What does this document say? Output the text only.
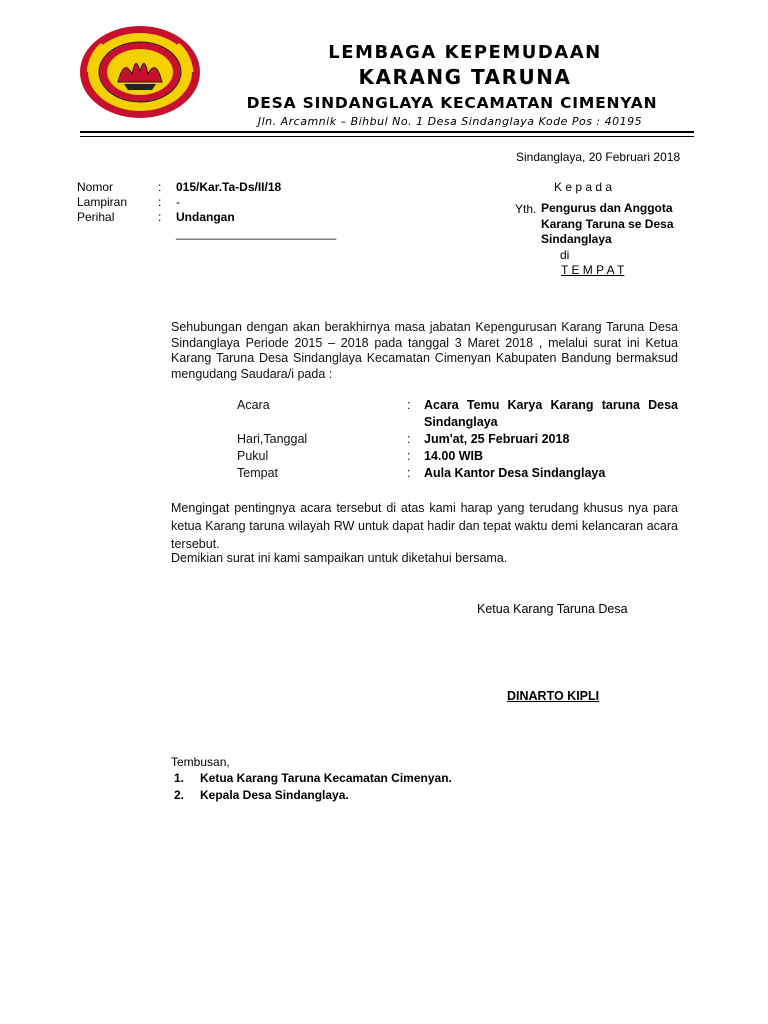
LEMBAGA KEPEMUDAAN
KARANG TARUNA
DESA SINDANGLAYA KECAMATAN CIMENYAN
Jln. Arcamnik – Bihbul No. 1 Desa Sindanglaya Kode Pos : 40195
Sindanglaya, 20 Februari 2018
Nomor	: 015/Kar.Ta-Ds/II/18
Lampiran	: -
Perihal	: Undangan
________________________
K e p a d a
Yth. Pengurus dan Anggota
Karang Taruna se Desa
Sindanglaya
di
T E M P A T
Sehubungan dengan akan berakhirnya masa jabatan Kepengurusan Karang Taruna Desa Sindanglaya Periode 2015 – 2018 pada tanggal 3 Maret 2018 , melalui surat ini Ketua Karang Taruna Desa Sindanglaya Kecamatan Cimenyan Kabupaten Bandung bermaksud mengudang Saudara/i pada :
Acara	: Acara Temu Karya Karang taruna Desa Sindanglaya
Hari,Tanggal	: Jum'at, 25 Februari 2018
Pukul	: 14.00 WIB
Tempat	: Aula Kantor Desa Sindanglaya
Mengingat pentingnya acara tersebut di atas kami harap yang terudang khusus nya para ketua Karang taruna wilayah RW untuk dapat hadir dan tepat waktu demi kelancaran acara tersebut.
Demikian surat ini kami sampaikan untuk diketahui bersama.
Ketua Karang Taruna Desa
DINARTO KIPLI
Tembusan,
1.	Ketua Karang Taruna Kecamatan Cimenyan.
2.	Kepala Desa Sindanglaya.
